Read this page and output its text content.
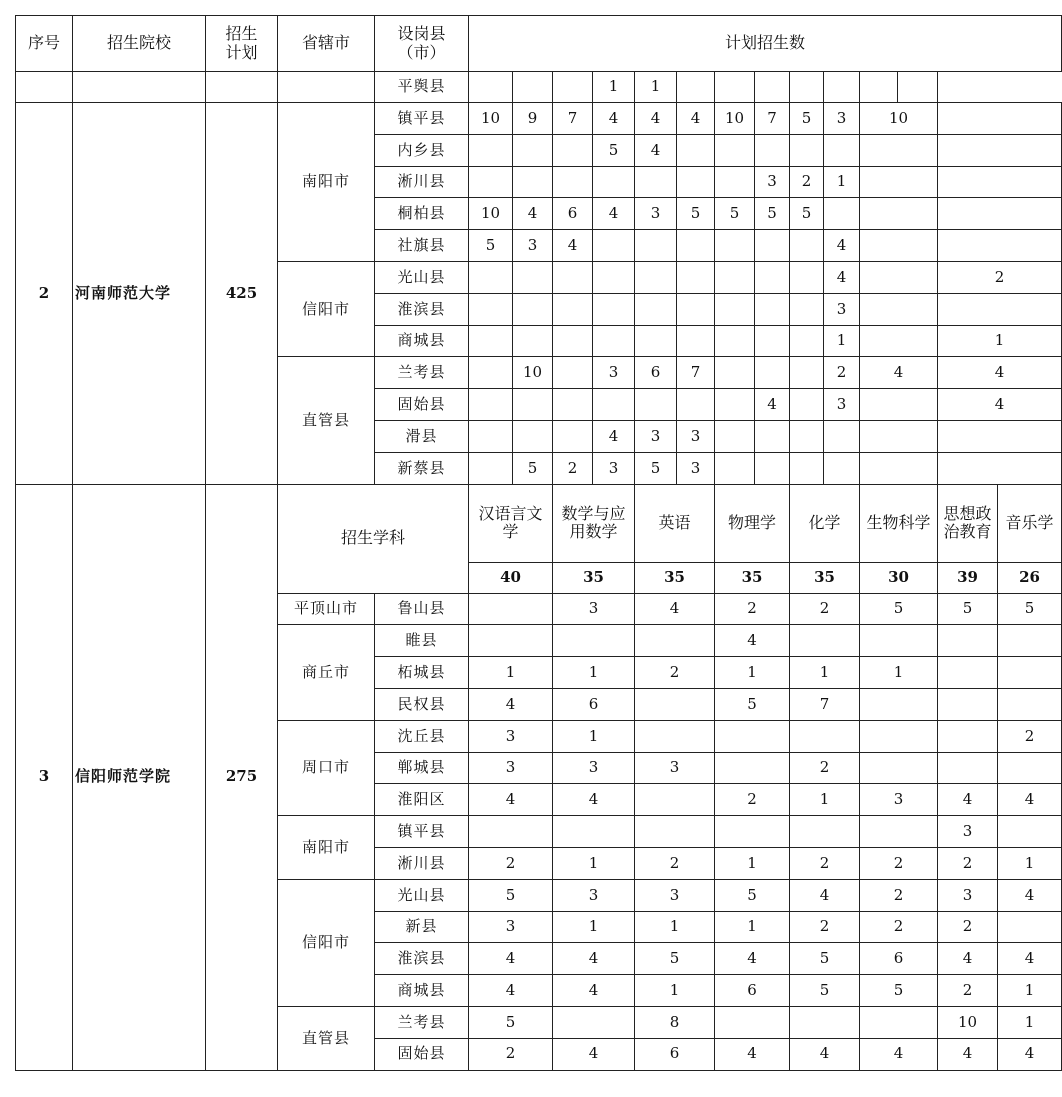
序号	招生院校	招生计划	省辖市	设岗县（市）	计划招生数													
				平舆县				1	1									
2	河南师范大学	425	南阳市	镇平县	10	9	7	4	4	4	10	7	5	3	10			
				内乡县				5	4									
				淅川县								3	2	1				
				桐柏县	10	4	6	4	3	5	5	5	5					
				社旗县	5	3	4							4				
			信阳市	光山县										4			2	
				淮滨县										3				
				商城县										1			1	
			直管县	兰考县		10		3	6	7				2	4		4	
				固始县								4		3			4	
				滑县				4	3	3								
				新蔡县		5	2	3	5	3								
3	信阳师范学院	275	招生学科		汉语言文学		数学与应用数学		英语		物理学		化学		生物科学		思想政治教育	音乐学
					40		35		35		35		35		30		39	26
			平顶山市	鲁山县			3		4		2		2		5		5	5
			商丘市	睢县							4							
				柘城县	1		1		2		1		1		1			
				民权县	4		6				5		7					
			周口市	沈丘县	3		1											2
				郸城县	3		3		3				2					
				淮阳区	4		4				2		1		3		4	4
			南阳市	镇平县													3	
				淅川县	2		1		2		1		2		2		2	1
			信阳市	光山县	5		3		3		5		4		2		3	4
				新县	3		1		1		1		2		2		2	
				淮滨县	4		4		5		4		5		6		4	4
				商城县	4		4		1		6		5		5		2	1
			直管县	兰考县	5				8								10	1
				固始县	2		4		6		4		4		4		4	4
